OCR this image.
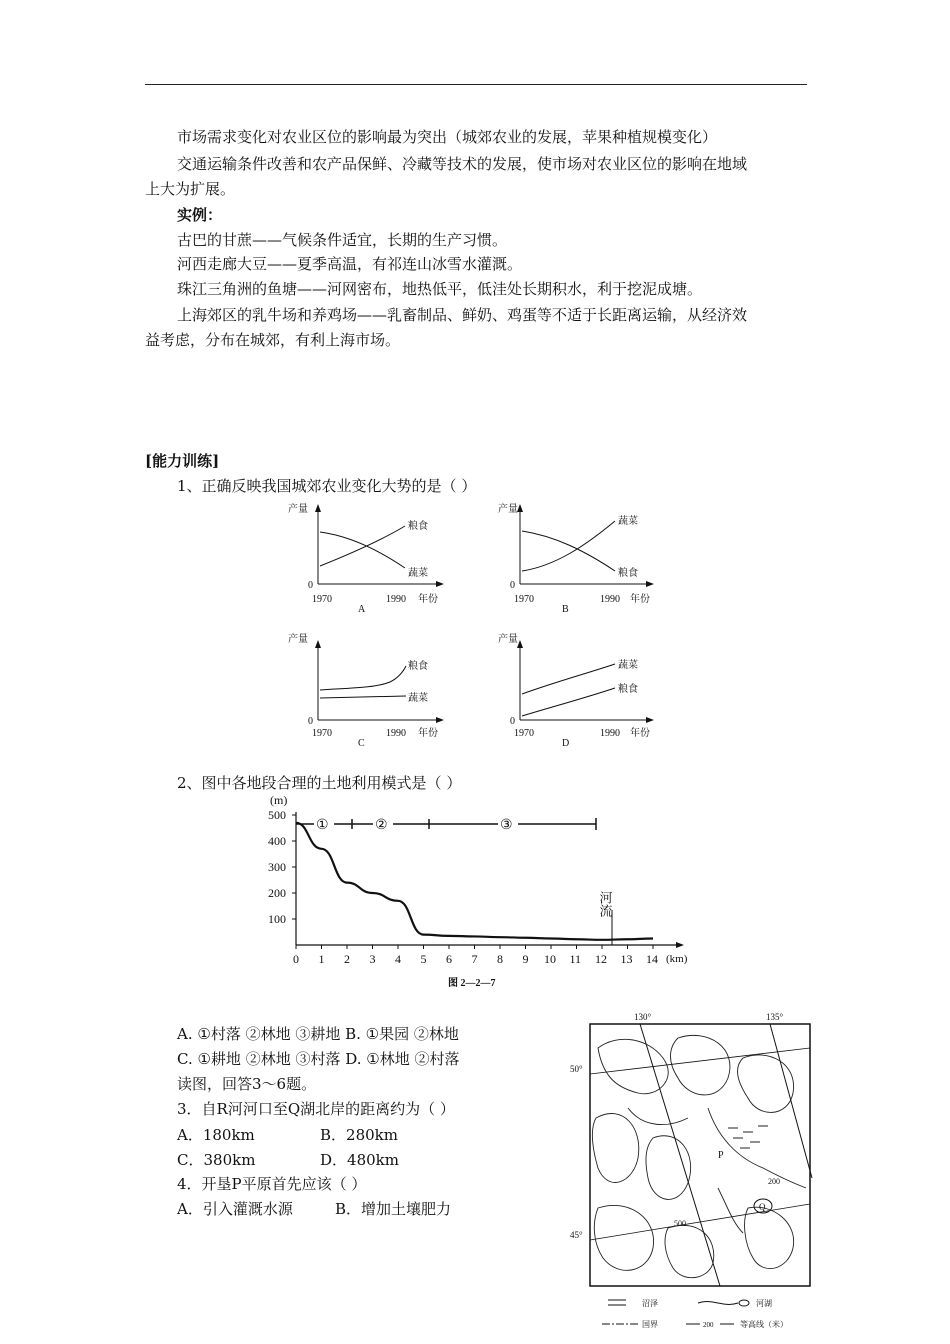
市场需求变化对农业区位的影响最为突出（城郊农业的发展，苹果种植规模变化）
交通运输条件改善和农产品保鲜、冷藏等技术的发展，使市场对农业区位的影响在地域
上大为扩展。
实例：
古巴的甘蔗——气候条件适宜，长期的生产习惯。
河西走廊大豆——夏季高温，有祁连山冰雪水灌溉。
珠江三角洲的鱼塘——河网密布，地热低平，低洼处长期积水，利于挖泥成塘。
上海郊区的乳牛场和养鸡场——乳畜制品、鲜奶、鸡蛋等不适于长距离运输，从经济效
益考虑，分布在城郊，有利上海市场。
[能力训练]
1、正确反映我国城郊农业变化大势的是（ ）
产量
0
1970	1990 年份
A
粮食
蔬菜
产量
0
1970	1990 年份
B
蔬菜
粮食
产量
0
1970	1990 年份
C
粮食
蔬菜
产量
0
1970	1990 年份
D
蔬菜
粮食
2、图中各地段合理的土地利用模式是（ ）
(m)
100
200
300
400
500
0 1 2 3 4 5 6 7 8 9 10 11 12 13 14
①	②	③
河流
(km)
图 2—2—7
A. ①村落 ②林地 ③耕地 B. ①果园 ②林地
C. ①耕地 ②林地 ③村落 D. ①林地 ②村落
读图，回答3～6题。
3．自R河河口至Q湖北岸的距离约为（ ）
A．180km	B．280km
C．380km	D．480km
4．开垦P平原首先应该（ ）
A．引入灌溉水源	B．增加土壤肥力
130°	135°
50°
45°
200
500
P
Q
沼泽	河湖
国界	200	等高线（米）
